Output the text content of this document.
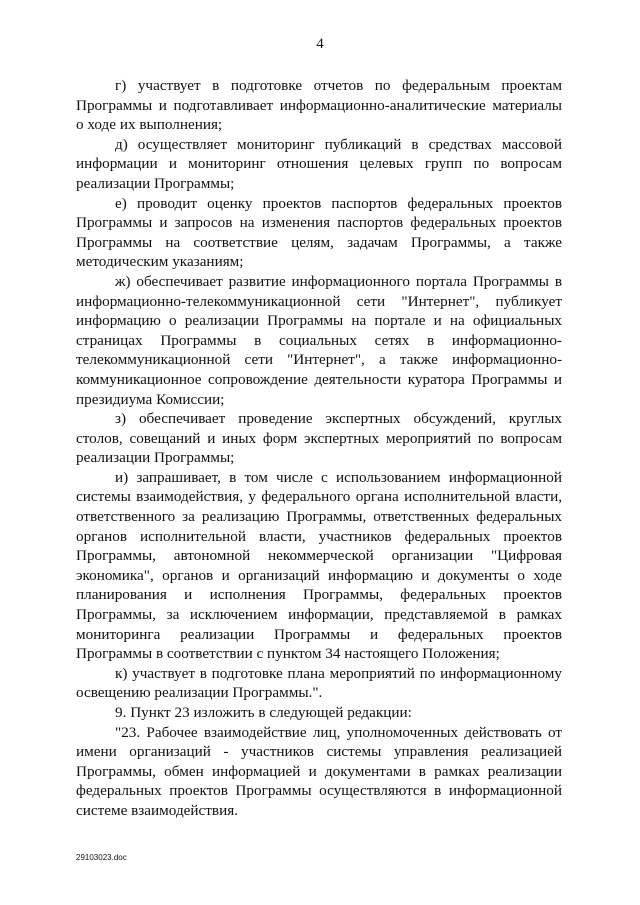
4

г) участвует в подготовке отчетов по федеральным проектам Программы и подготавливает информационно-аналитические материалы о ходе их выполнения;

д) осуществляет мониторинг публикаций в средствах массовой информации и мониторинг отношения целевых групп по вопросам реализации Программы;

е) проводит оценку проектов паспортов федеральных проектов Программы и запросов на изменения паспортов федеральных проектов Программы на соответствие целям, задачам Программы, а также методическим указаниям;

ж) обеспечивает развитие информационного портала Программы в информационно-телекоммуникационной сети "Интернет", публикует информацию о реализации Программы на портале и на официальных страницах Программы в социальных сетях в информационно-телекоммуникационной сети "Интернет", а также информационно-коммуникационное сопровождение деятельности куратора Программы и президиума Комиссии;

з) обеспечивает проведение экспертных обсуждений, круглых столов, совещаний и иных форм экспертных мероприятий по вопросам реализации Программы;

и) запрашивает, в том числе с использованием информационной системы взаимодействия, у федерального органа исполнительной власти, ответственного за реализацию Программы, ответственных федеральных органов исполнительной власти, участников федеральных проектов Программы, автономной некоммерческой организации "Цифровая экономика", органов и организаций информацию и документы о ходе планирования и исполнения Программы, федеральных проектов Программы, за исключением информации, представляемой в рамках мониторинга реализации Программы и федеральных проектов Программы в соответствии с пунктом 34 настоящего Положения;

к) участвует в подготовке плана мероприятий по информационному освещению реализации Программы.".

9. Пункт 23 изложить в следующей редакции:

"23. Рабочее взаимодействие лиц, уполномоченных действовать от имени организаций - участников системы управления реализацией Программы, обмен информацией и документами в рамках реализации федеральных проектов Программы осуществляются в информационной системе взаимодействия.

29103023.doc
